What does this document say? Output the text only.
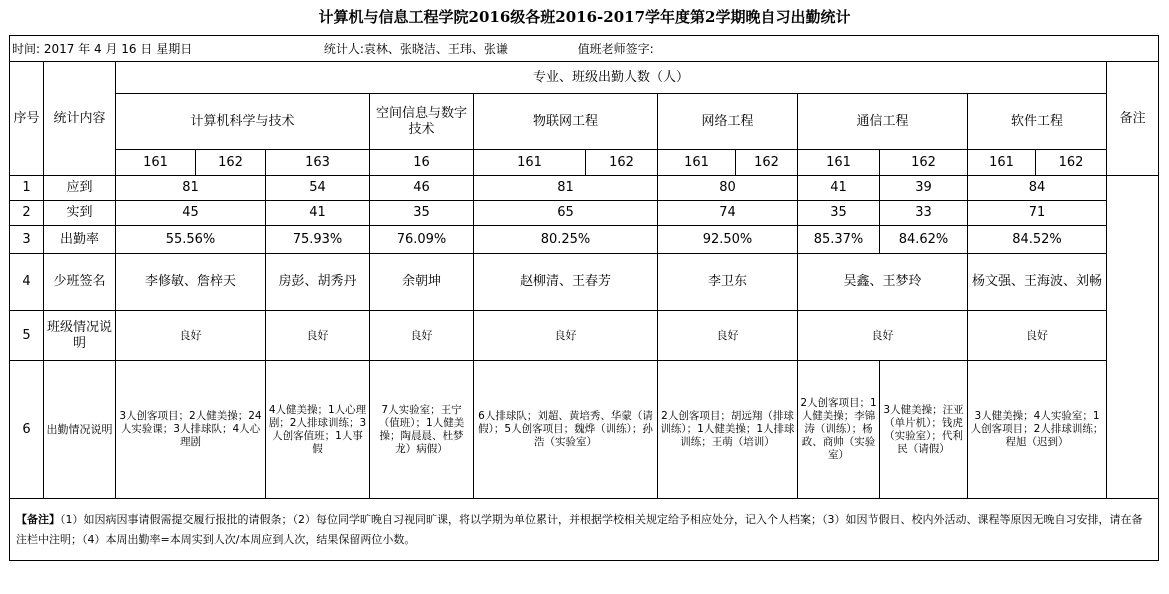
计算机与信息工程学院2016级各班2016-2017学年度第2学期晚自习出勤统计
时间: 2017 年 4 月 16 日 星期日 统计人:袁林、张晓洁、王玮、张谦 值班老师签字:														
序号	统计内容	专业、班级出勤人数（人）												备注
		计算机科学与技术			空间信息与数字技术	物联网工程		网络工程		通信工程		软件工程		
		161	162	163	16	161	162	161	162	161	162	161	162	
1	应到	81		54	46	81		80		41	39	84		
2	实到	45		41	35	65		74		35	33	71		
3	出勤率	55.56%		75.93%	76.09%	80.25%		92.50%		85.37%	84.62%	84.52%		
4	少班签名	李修敏、詹梓天		房彭、胡秀丹	余朝坤	赵柳清、王春芳		李卫东		吴鑫、王梦玲		杨文强、王海波、刘畅		
5	班级情况说明	良好		良好	良好	良好		良好		良好		良好		
6	出勤情况说明	3人创客项目；2人健美操；24人实验课；3人排球队；4人心理剧		4人健美操；1人心理剧；2人排球训练；3人创客值班；1人事假	7人实验室；王宁（值班）；1人健美操；陶晨晨、杜梦龙）病假）	6人排球队；刘超、黄培秀、华蒙（请假）；5人创客项目；魏烨（训练）；孙浩（实验室）		2人创客项目；胡远翔（排球训练）；1人健美操；1人排球训练；王萌（培训）		2人创客项目；1人健美操；李锦涛（训练）；杨政、商帅（实验室）	3人健美操；汪亚（单片机）；钱虎（实验室）；代利民（请假）	3人健美操；4人实验室；1人创客项目；2人排球训练；程旭（迟到）		
【备注】（1）如因病因事请假需提交履行报批的请假条；（2）每位同学旷晚自习视同旷课，将以学期为单位累计，并根据学校相关规定给予相应处分，记入个人档案；（3）如因节假日、校内外活动、课程等原因无晚自习安排，请在备注栏中注明；（4）本周出勤率=本周实到人次/本周应到人次，结果保留两位小数。														
